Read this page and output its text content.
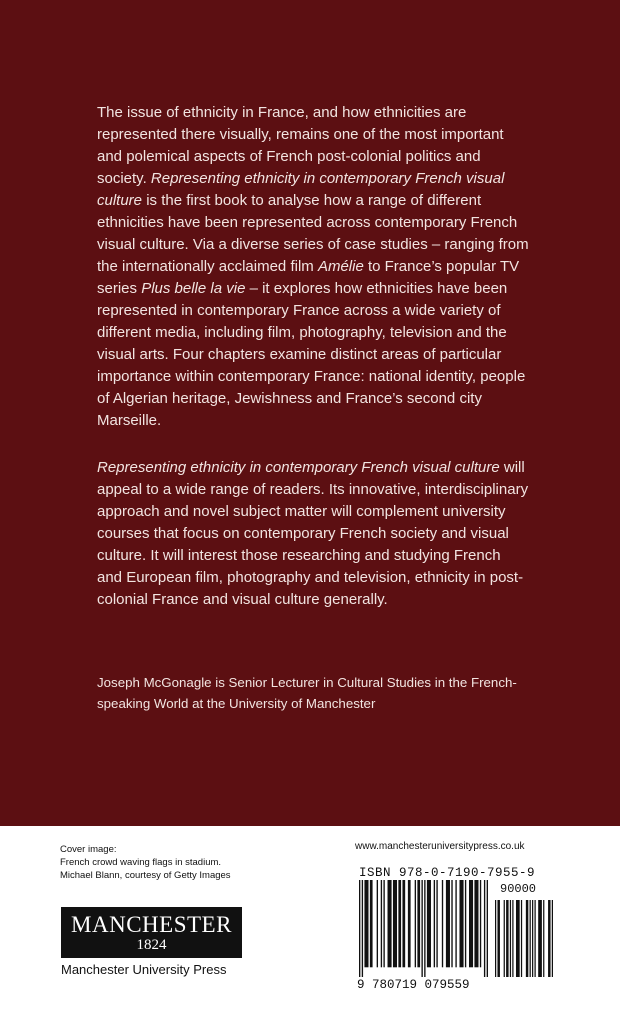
The issue of ethnicity in France, and how ethnicities are represented there visually, remains one of the most important and polemical aspects of French post-colonial politics and society. Representing ethnicity in contemporary French visual culture is the first book to analyse how a range of different ethnicities have been represented across contemporary French visual culture. Via a diverse series of case studies – ranging from the internationally acclaimed film Amélie to France’s popular TV series Plus belle la vie – it explores how ethnicities have been represented in contemporary France across a wide variety of different media, including film, photography, television and the visual arts. Four chapters examine distinct areas of particular importance within contemporary France: national identity, people of Algerian heritage, Jewishness and France’s second city Marseille.

Representing ethnicity in contemporary French visual culture will appeal to a wide range of readers. Its innovative, interdisciplinary approach and novel subject matter will complement university courses that focus on contemporary French society and visual culture. It will interest those researching and studying French and European film, photography and television, ethnicity in post-colonial France and visual culture generally.

Joseph McGonagle is Senior Lecturer in Cultural Studies in the French-speaking World at the University of Manchester

Cover image:
French crowd waving flags in stadium.
Michael Blann, courtesy of Getty Images
MANCHESTER
1824
Manchester University Press
www.manchesteruniversitypress.co.uk
ISBN 978-0-7190-7955-9
90000
9 780719 079559
